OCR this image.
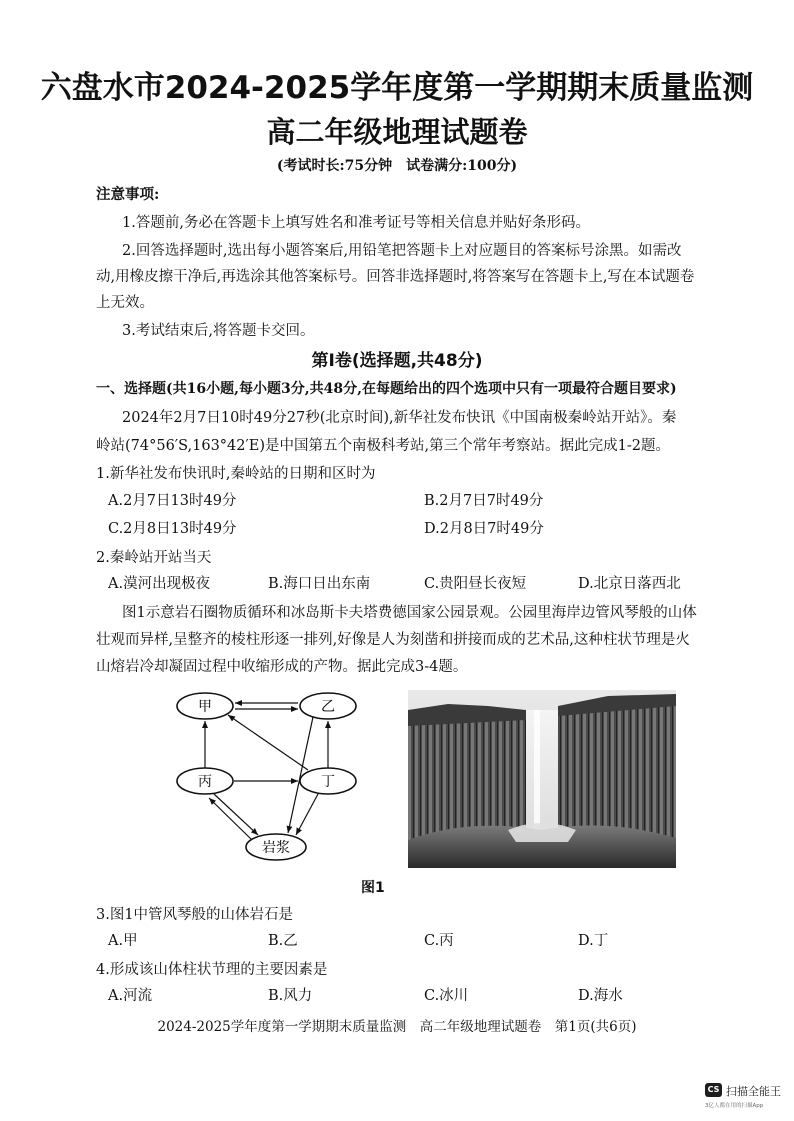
六盘水市2024-2025学年度第一学期期末质量监测
高二年级地理试题卷
(考试时长:75分钟　试卷满分:100分)
注意事项:
1.答题前,务必在答题卡上填写姓名和准考证号等相关信息并贴好条形码。
2.回答选择题时,选出每小题答案后,用铅笔把答题卡上对应题目的答案标号涂黑。如需改
动,用橡皮擦干净后,再选涂其他答案标号。回答非选择题时,将答案写在答题卡上,写在本试题卷
上无效。
3.考试结束后,将答题卡交回。
第Ⅰ卷(选择题,共48分)
一、选择题(共16小题,每小题3分,共48分,在每题给出的四个选项中只有一项最符合题目要求)
2024年2月7日10时49分27秒(北京时间),新华社发布快讯《中国南极秦岭站开站》。秦
岭站(74°56′S,163°42′E)是中国第五个南极科考站,第三个常年考察站。据此完成1-2题。
1.新华社发布快讯时,秦岭站的日期和区时为
A.2月7日13时49分	B.2月7日7时49分
C.2月8日13时49分	D.2月8日7时49分
2.秦岭站开站当天
A.漠河出现极夜	B.海口日出东南	C.贵阳昼长夜短	D.北京日落西北
图1示意岩石圈物质循环和冰岛斯卡夫塔费德国家公园景观。公园里海岸边管风琴般的山体
壮观而异样,呈整齐的棱柱形逐一排列,好像是人为刻凿和拼接而成的艺术品,这种柱状节理是火
山熔岩冷却凝固过程中收缩形成的产物。据此完成3-4题。
甲	乙
丙	丁
岩浆
图1
3.图1中管风琴般的山体岩石是
A.甲	B.乙	C.丙	D.丁
4.形成该山体柱状节理的主要因素是
A.河流	B.风力	C.冰川	D.海水
2024-2025学年度第一学期期末质量监测　高二年级地理试题卷　第1页(共6页)
CS 扫描全能王
3亿人都在用的扫描App
